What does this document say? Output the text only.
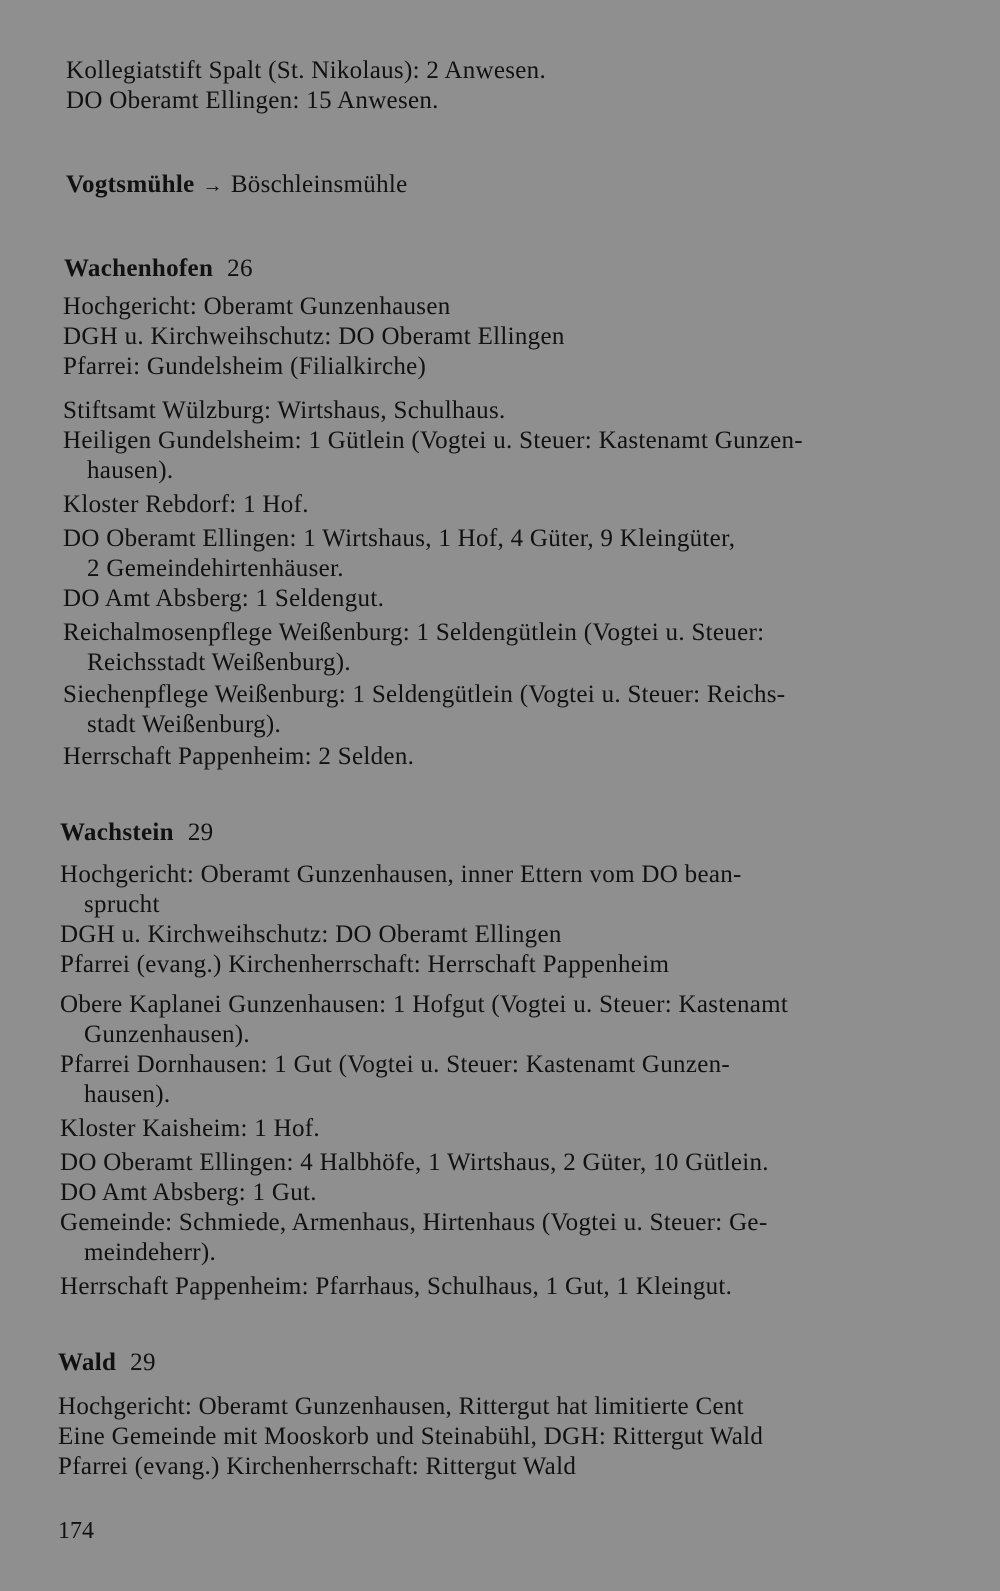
Kollegiatstift Spalt (St. Nikolaus): 2 Anwesen.
DO Oberamt Ellingen: 15 Anwesen.
Vogtsmühle → Böschleinsmühle
Wachenhofen 26
Hochgericht: Oberamt Gunzenhausen
DGH u. Kirchweihschutz: DO Oberamt Ellingen
Pfarrei: Gundelsheim (Filialkirche)
Stiftsamt Wülzburg: Wirtshaus, Schulhaus.
Heiligen Gundelsheim: 1 Gütlein (Vogtei u. Steuer: Kastenamt Gunzen-
hausen).
Kloster Rebdorf: 1 Hof.
DO Oberamt Ellingen: 1 Wirtshaus, 1 Hof, 4 Güter, 9 Kleingüter,
2 Gemeindehirtenhäuser.
DO Amt Absberg: 1 Seldengut.
Reichalmosenpflege Weißenburg: 1 Seldengütlein (Vogtei u. Steuer:
Reichsstadt Weißenburg).
Siechenpflege Weißenburg: 1 Seldengütlein (Vogtei u. Steuer: Reichs-
stadt Weißenburg).
Herrschaft Pappenheim: 2 Selden.
Wachstein 29
Hochgericht: Oberamt Gunzenhausen, inner Ettern vom DO bean-
sprucht
DGH u. Kirchweihschutz: DO Oberamt Ellingen
Pfarrei (evang.) Kirchenherrschaft: Herrschaft Pappenheim
Obere Kaplanei Gunzenhausen: 1 Hofgut (Vogtei u. Steuer: Kastenamt
Gunzenhausen).
Pfarrei Dornhausen: 1 Gut (Vogtei u. Steuer: Kastenamt Gunzen-
hausen).
Kloster Kaisheim: 1 Hof.
DO Oberamt Ellingen: 4 Halbhöfe, 1 Wirtshaus, 2 Güter, 10 Gütlein.
DO Amt Absberg: 1 Gut.
Gemeinde: Schmiede, Armenhaus, Hirtenhaus (Vogtei u. Steuer: Ge-
meindeherr).
Herrschaft Pappenheim: Pfarrhaus, Schulhaus, 1 Gut, 1 Kleingut.
Wald 29
Hochgericht: Oberamt Gunzenhausen, Rittergut hat limitierte Cent
Eine Gemeinde mit Mooskorb und Steinabühl, DGH: Rittergut Wald
Pfarrei (evang.) Kirchenherrschaft: Rittergut Wald
174
